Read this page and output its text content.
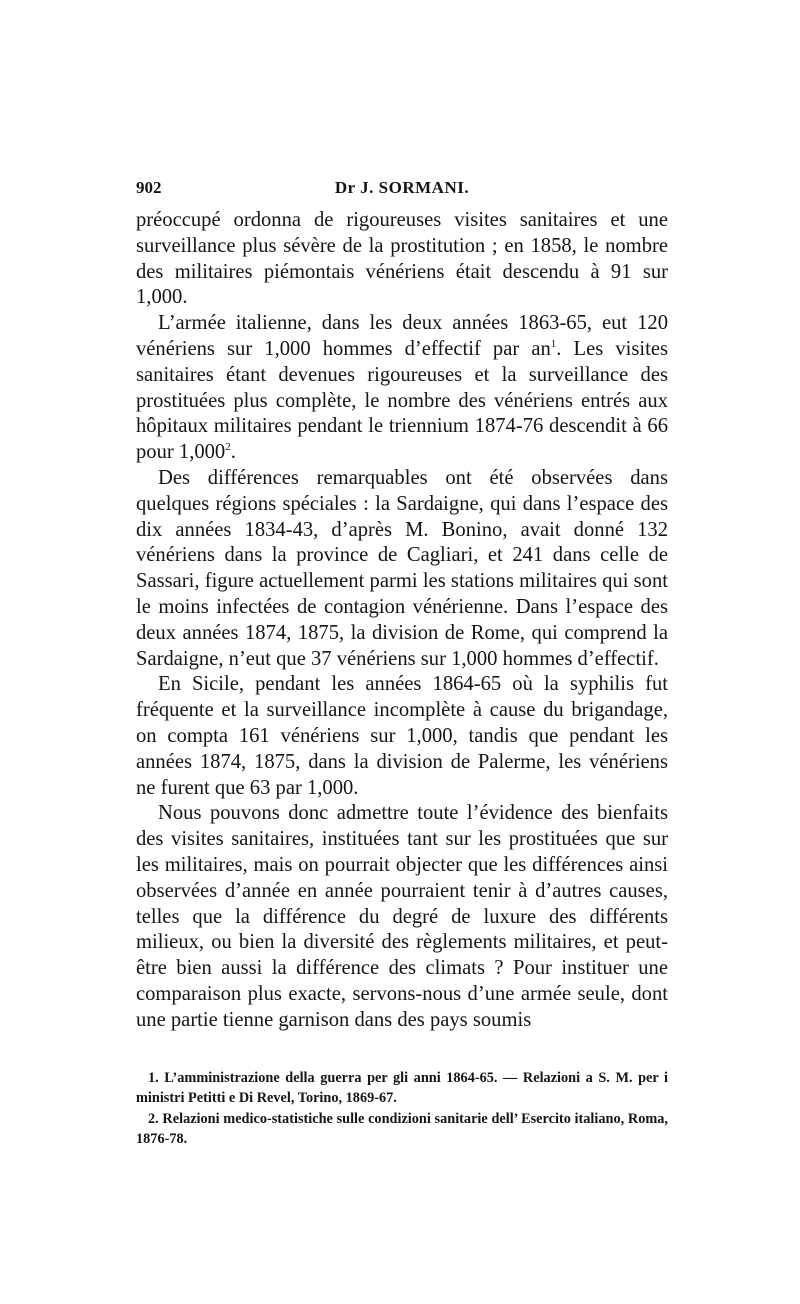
902	Dr J. SORMANI.

préoccupé ordonna de rigoureuses visites sanitaires et une surveillance plus sévère de la prostitution ; en 1858, le nombre des militaires piémontais vénériens était descendu à 91 sur 1,000.

L’armée italienne, dans les deux années 1863-65, eut 120 vénériens sur 1,000 hommes d’effectif par $an^1$. Les visites sanitaires étant devenues rigoureuses et la surveillance des prostituées plus complète, le nombre des vénériens entrés aux hôpitaux militaires pendant le triennium 1874-76 descendit à 66 pour 1,000$^2$.

Des différences remarquables ont été observées dans quelques régions spéciales : la Sardaigne, qui dans l’espace des dix années 1834-43, d’après M. Bonino, avait donné 132 vénériens dans la province de Cagliari, et 241 dans celle de Sassari, figure actuellement parmi les stations militaires qui sont le moins infectées de contagion vénérienne. Dans l’espace des deux années 1874, 1875, la division de Rome, qui comprend la Sardaigne, n’eut que 37 vénériens sur 1,000 hommes d’effectif.

En Sicile, pendant les années 1864-65 où la syphilis fut fréquente et la surveillance incomplète à cause du brigandage, on compta 161 vénériens sur 1,000, tandis que pendant les années 1874, 1875, dans la division de Palerme, les vénériens ne furent que 63 par 1,000.

Nous pouvons donc admettre toute l’évidence des bienfaits des visites sanitaires, instituées tant sur les prostituées que sur les militaires, mais on pourrait objecter que les différences ainsi observées d’année en année pourraient tenir à d’autres causes, telles que la différence du degré de luxure des différents milieux, ou bien la diversité des règlements militaires, et peut-être bien aussi la différence des climats ? Pour instituer une comparaison plus exacte, servons-nous d’une armée seule, dont une partie tienne garnison dans des pays soumis

1. L’amministrazione della guerra per gli anni 1864-65. — Relazioni a S. M. per i ministri Petitti e Di Revel, Torino, 1869-67.

2. Relazioni medico-statistiche sulle condizioni sanitarie dell’ Esercito italiano, Roma, 1876-78.
